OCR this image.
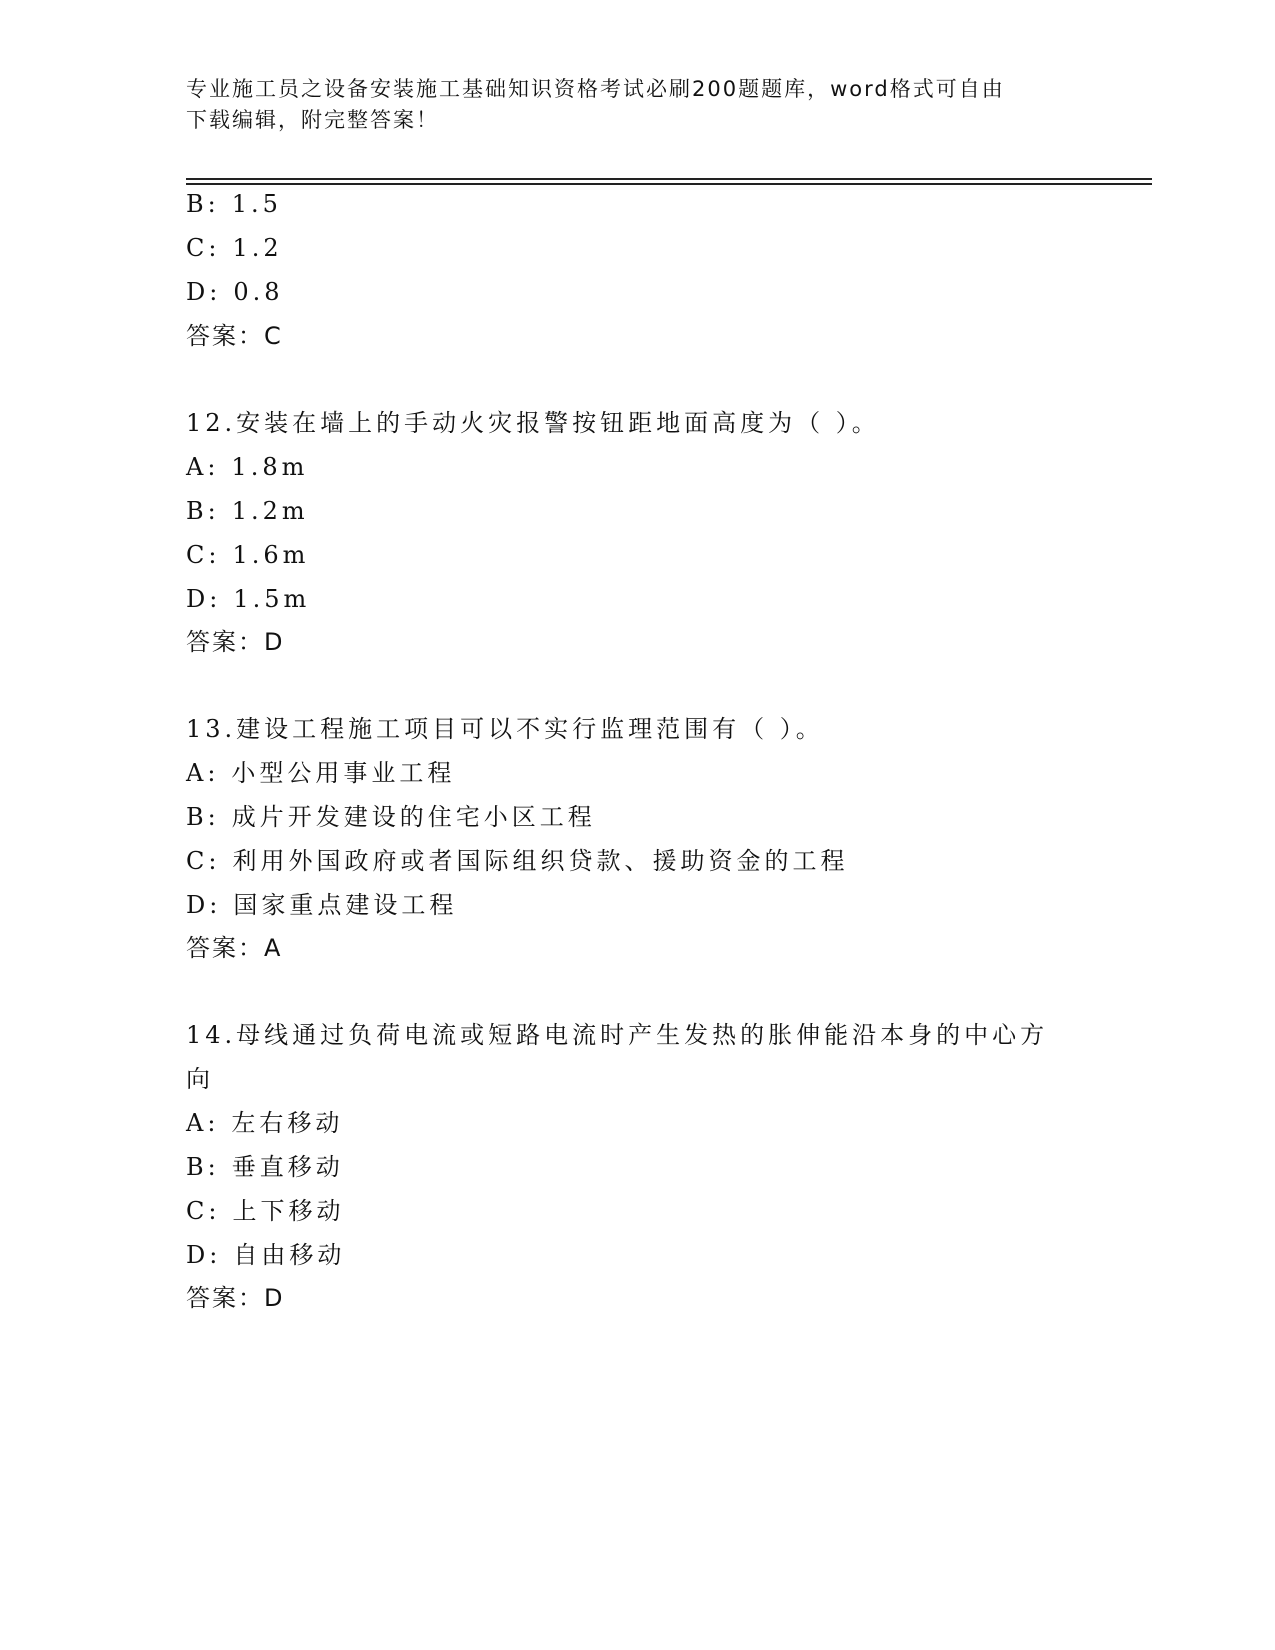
专业施工员之设备安装施工基础知识资格考试必刷200题题库，word格式可自由
下载编辑，附完整答案！
B: 1.5
C: 1.2
D: 0.8
答案：C
12.安装在墙上的手动火灾报警按钮距地面高度为（ ）。
A: 1.8m
B: 1.2m
C: 1.6m
D: 1.5m
答案：D
13.建设工程施工项目可以不实行监理范围有（ ）。
A: 小型公用事业工程
B: 成片开发建设的住宅小区工程
C: 利用外国政府或者国际组织贷款、援助资金的工程
D: 国家重点建设工程
答案：A
14.母线通过负荷电流或短路电流时产生发热的胀伸能沿本身的中心方
向
A: 左右移动
B: 垂直移动
C: 上下移动
D: 自由移动
答案：D
